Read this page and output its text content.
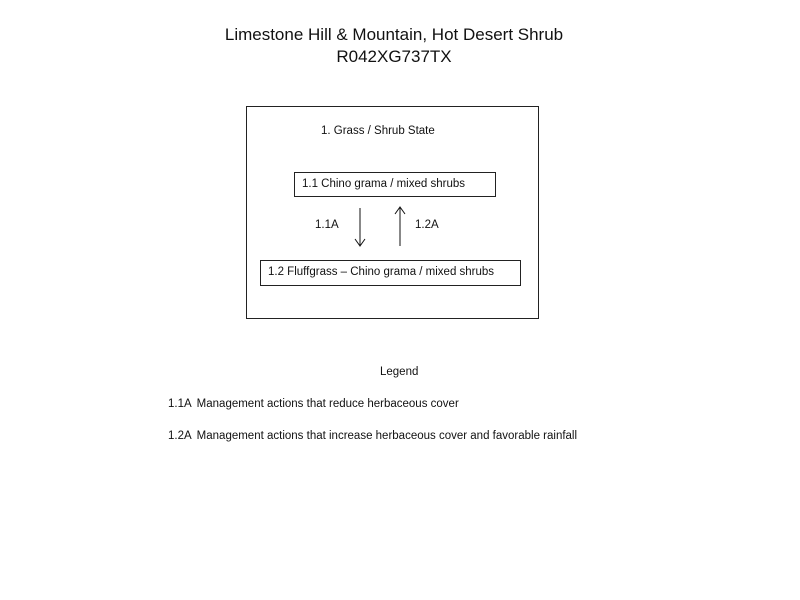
Limestone Hill & Mountain, Hot Desert Shrub
R042XG737TX
1. Grass / Shrub State
1.1 Chino grama / mixed shrubs
1.2 Fluffgrass – Chino grama / mixed shrubs
1.1A	1.2A
Legend
1.1A Management actions that reduce herbaceous cover
1.2A Management actions that increase herbaceous cover and favorable rainfall
